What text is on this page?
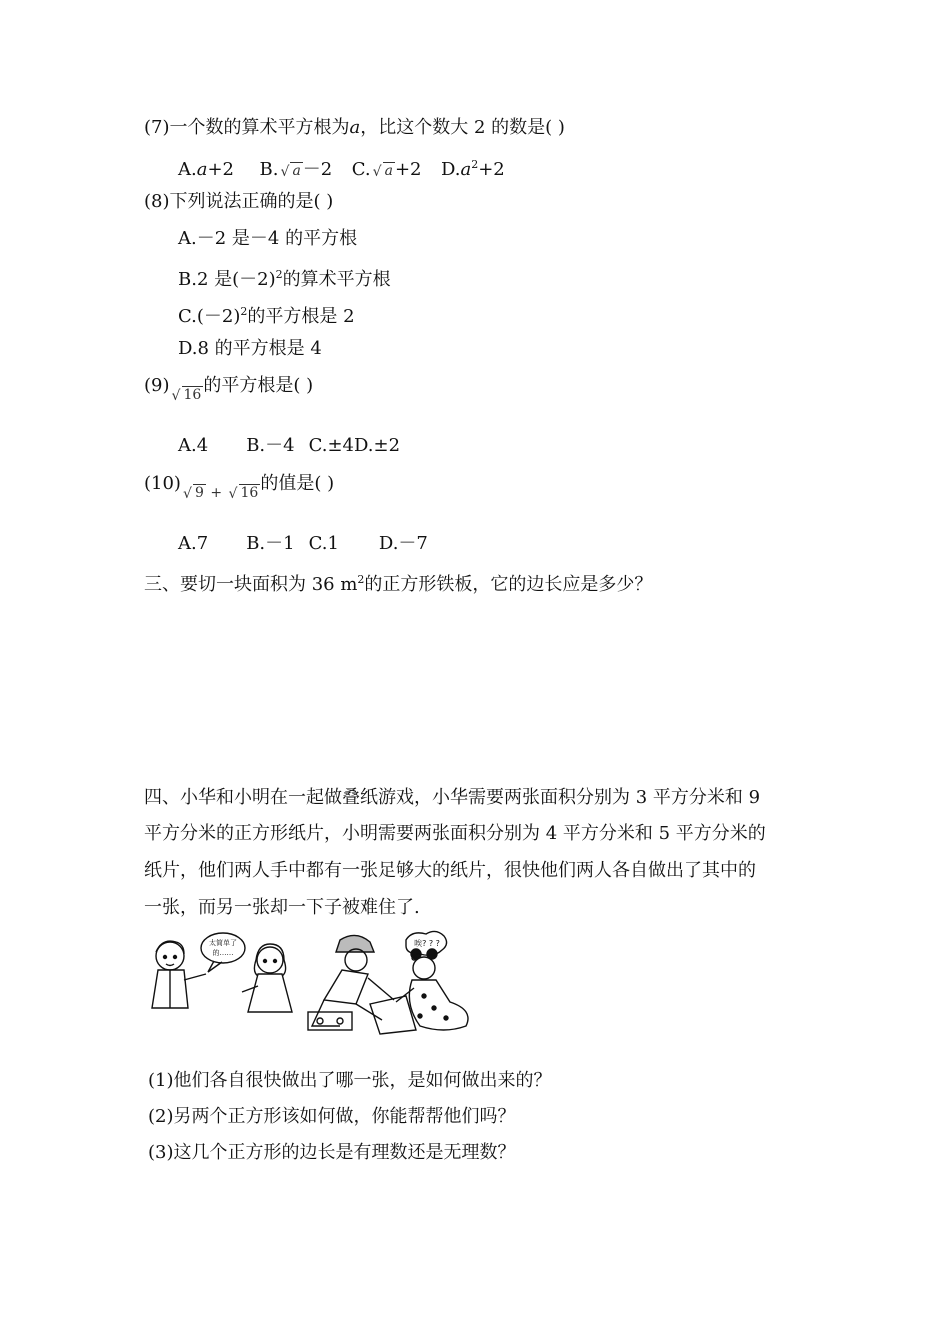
(7)一个数的算术平方根为a，比这个数大 2 的数是( )
A.a+2 B. √ a －2 C. √ a +2 $D.a^2+2$
(8)下列说法正确的是( )
A.－2 是－4 的平方根
B.2 是$(-2)^2$的算术平方根
$C.(-2)^2$的平方根是 2
D.8 的平方根是 4
(9) √ 16 的平方根是( )
A.4 B.－4 C.±4D.±2
(10) √ 9 + √ 16 的值是( )
A.7 B.－1 C.1 D.－7
三、要切一块面积为 36 $m^2$的正方形铁板，它的边长应是多少？
四、小华和小明在一起做叠纸游戏，小华需要两张面积分别为 3 平方分米和 9
平方分米的正方形纸片，小明需要两张面积分别为 4 平方分米和 5 平方分米的
纸片，他们两人手中都有一张足够大的纸片，很快他们两人各自做出了其中的
一张，而另一张却一下子被难住了.
太简单了
的……
唉? ? ?
(1)他们各自很快做出了哪一张，是如何做出来的？
(2)另两个正方形该如何做，你能帮帮他们吗？
(3)这几个正方形的边长是有理数还是无理数？
